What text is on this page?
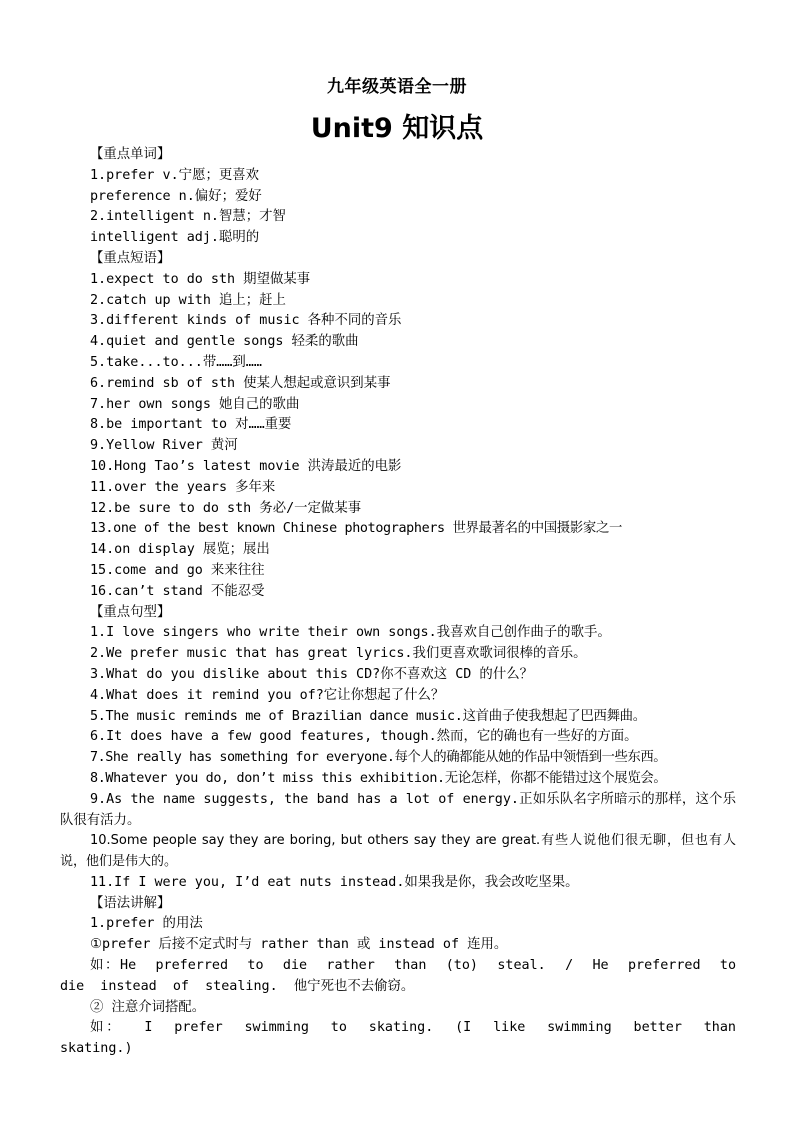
九年级英语全一册
Unit9 知识点

【重点单词】

1.prefer v.宁愿；更喜欢

preference n.偏好；爱好

2.intelligent n.智慧；才智

intelligent adj.聪明的

【重点短语】

1.expect to do sth 期望做某事

2.catch up with 追上；赶上

3.different kinds of music 各种不同的音乐

4.quiet and gentle songs 轻柔的歌曲

5.take...to...带……到……

6.remind sb of sth 使某人想起或意识到某事

7.her own songs 她自己的歌曲

8.be important to 对……重要

9.Yellow River 黄河

10.Hong Tao’s latest movie 洪涛最近的电影

11.over the years 多年来

12.be sure to do sth 务必/一定做某事

13.one of the best known Chinese photographers 世界最著名的中国摄影家之一

14.on display 展览；展出

15.come and go 来来往往

16.can’t stand 不能忍受

【重点句型】

1.I love singers who write their own songs.我喜欢自己创作曲子的歌手。

2.We prefer music that has great lyrics.我们更喜欢歌词很棒的音乐。

3.What do you dislike about this CD?你不喜欢这 CD 的什么？

4.What does it remind you of?它让你想起了什么？

5.The music reminds me of Brazilian dance music.这首曲子使我想起了巴西舞曲。

6.It does have a few good features, though.然而，它的确也有一些好的方面。

7.She really has something for everyone.每个人的确都能从她的作品中领悟到一些东西。

8.Whatever you do, don’t miss this exhibition.无论怎样，你都不能错过这个展览会。

9.As the name suggests, the band has a lot of energy.正如乐队名字所暗示的那样，这个乐队很有活力。

10.Some people say they are boring, but others say they are great.有些人说他们很无聊，但也有人说，他们是伟大的。

11.If I were you, I’d eat nuts instead.如果我是你，我会改吃坚果。

【语法讲解】

1.prefer 的用法

①prefer 后接不定式时与 rather than 或 instead of 连用。

如：He  preferred  to  die  rather  than  (to)  steal.  /  He  preferred  to  die  instead  of  stealing.  他宁死也不去偷窃。

② 注意介词搭配。

如：  I  prefer  swimming  to  skating.  (I  like  swimming  better  than  skating.)
